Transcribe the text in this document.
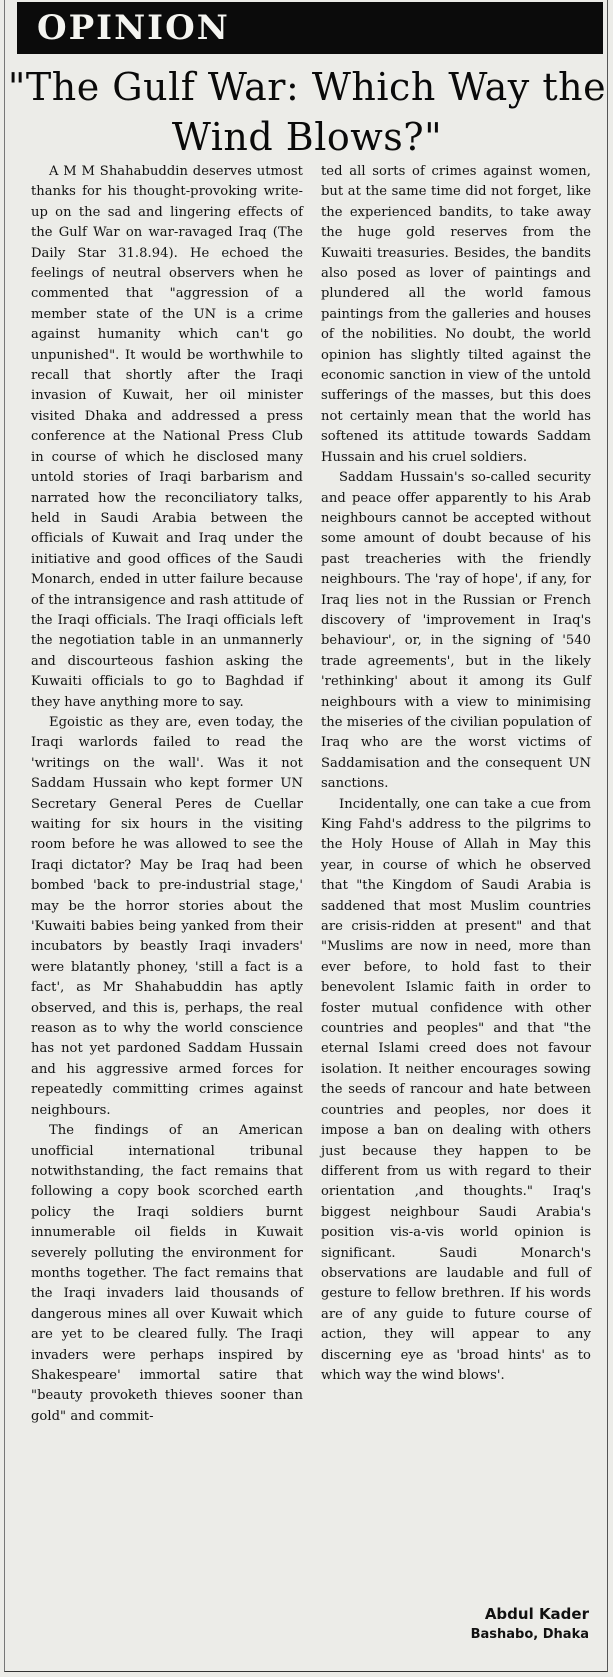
OPINION
"The Gulf War: Which Way the Wind Blows?"

A M M Shahabuddin deserves utmost thanks for his thought-provoking write-up on the sad and lingering effects of the Gulf War on war-ravaged Iraq (The Daily Star 31.8.94). He echoed the feelings of neutral observers when he commented that "aggression of a member state of the UN is a crime against humanity which can't go unpunished". It would be worthwhile to recall that shortly after the Iraqi invasion of Kuwait, her oil minister visited Dhaka and addressed a press conference at the National Press Club in course of which he disclosed many untold stories of Iraqi barbarism and narrated how the reconciliatory talks, held in Saudi Arabia between the officials of Kuwait and Iraq under the initiative and good offices of the Saudi Monarch, ended in utter failure because of the intransigence and rash attitude of the Iraqi officials. The Iraqi officials left the negotiation table in an unmannerly and discourteous fashion asking the Kuwaiti officials to go to Baghdad if they have anything more to say.

Egoistic as they are, even today, the Iraqi warlords failed to read the 'writings on the wall'. Was it not Saddam Hussain who kept former UN Secretary General Peres de Cuellar waiting for six hours in the visiting room before he was allowed to see the Iraqi dictator? May be Iraq had been bombed 'back to pre-industrial stage,' may be the horror stories about the 'Kuwaiti babies being yanked from their incubators by beastly Iraqi invaders' were blatantly phoney, 'still a fact is a fact', as Mr Shahabuddin has aptly observed, and this is, perhaps, the real reason as to why the world conscience has not yet pardoned Saddam Hussain and his aggressive armed forces for repeatedly committing crimes against neighbours.

The findings of an American unofficial international tribunal notwithstanding, the fact remains that following a copy book scorched earth policy the Iraqi soldiers burnt innumerable oil fields in Kuwait severely polluting the environment for months together. The fact remains that the Iraqi invaders laid thousands of dangerous mines all over Kuwait which are yet to be cleared fully. The Iraqi invaders were perhaps inspired by Shakespeare' immortal satire that "beauty provoketh thieves sooner than gold" and commit-

ted all sorts of crimes against women, but at the same time did not forget, like the experienced bandits, to take away the huge gold reserves from the Kuwaiti treasuries. Besides, the bandits also posed as lover of paintings and plundered all the world famous paintings from the galleries and houses of the nobilities. No doubt, the world opinion has slightly tilted against the economic sanction in view of the untold sufferings of the masses, but this does not certainly mean that the world has softened its attitude towards Saddam Hussain and his cruel soldiers.

Saddam Hussain's so-called security and peace offer apparently to his Arab neighbours cannot be accepted without some amount of doubt because of his past treacheries with the friendly neighbours. The 'ray of hope', if any, for Iraq lies not in the Russian or French discovery of 'improvement in Iraq's behaviour', or, in the signing of '540 trade agreements', but in the likely 'rethinking' about it among its Gulf neighbours with a view to minimising the miseries of the civilian population of Iraq who are the worst victims of Saddamisation and the consequent UN sanctions.

Incidentally, one can take a cue from King Fahd's address to the pilgrims to the Holy House of Allah in May this year, in course of which he observed that "the Kingdom of Saudi Arabia is saddened that most Muslim countries are crisis-ridden at present" and that "Muslims are now in need, more than ever before, to hold fast to their benevolent Islamic faith in order to foster mutual confidence with other countries and peoples" and that "the eternal Islami creed does not favour isolation. It neither encourages sowing the seeds of rancour and hate between countries and peoples, nor does it impose a ban on dealing with others just because they happen to be different from us with regard to their orientation ,and thoughts." Iraq's biggest neighbour Saudi Arabia's position vis-a-vis world opinion is significant. Saudi Monarch's observations are laudable and full of gesture to fellow brethren. If his words are of any guide to future course of action, they will appear to any discerning eye as 'broad hints' as to which way the wind blows'.

Abdul Kader
Bashabo, Dhaka
